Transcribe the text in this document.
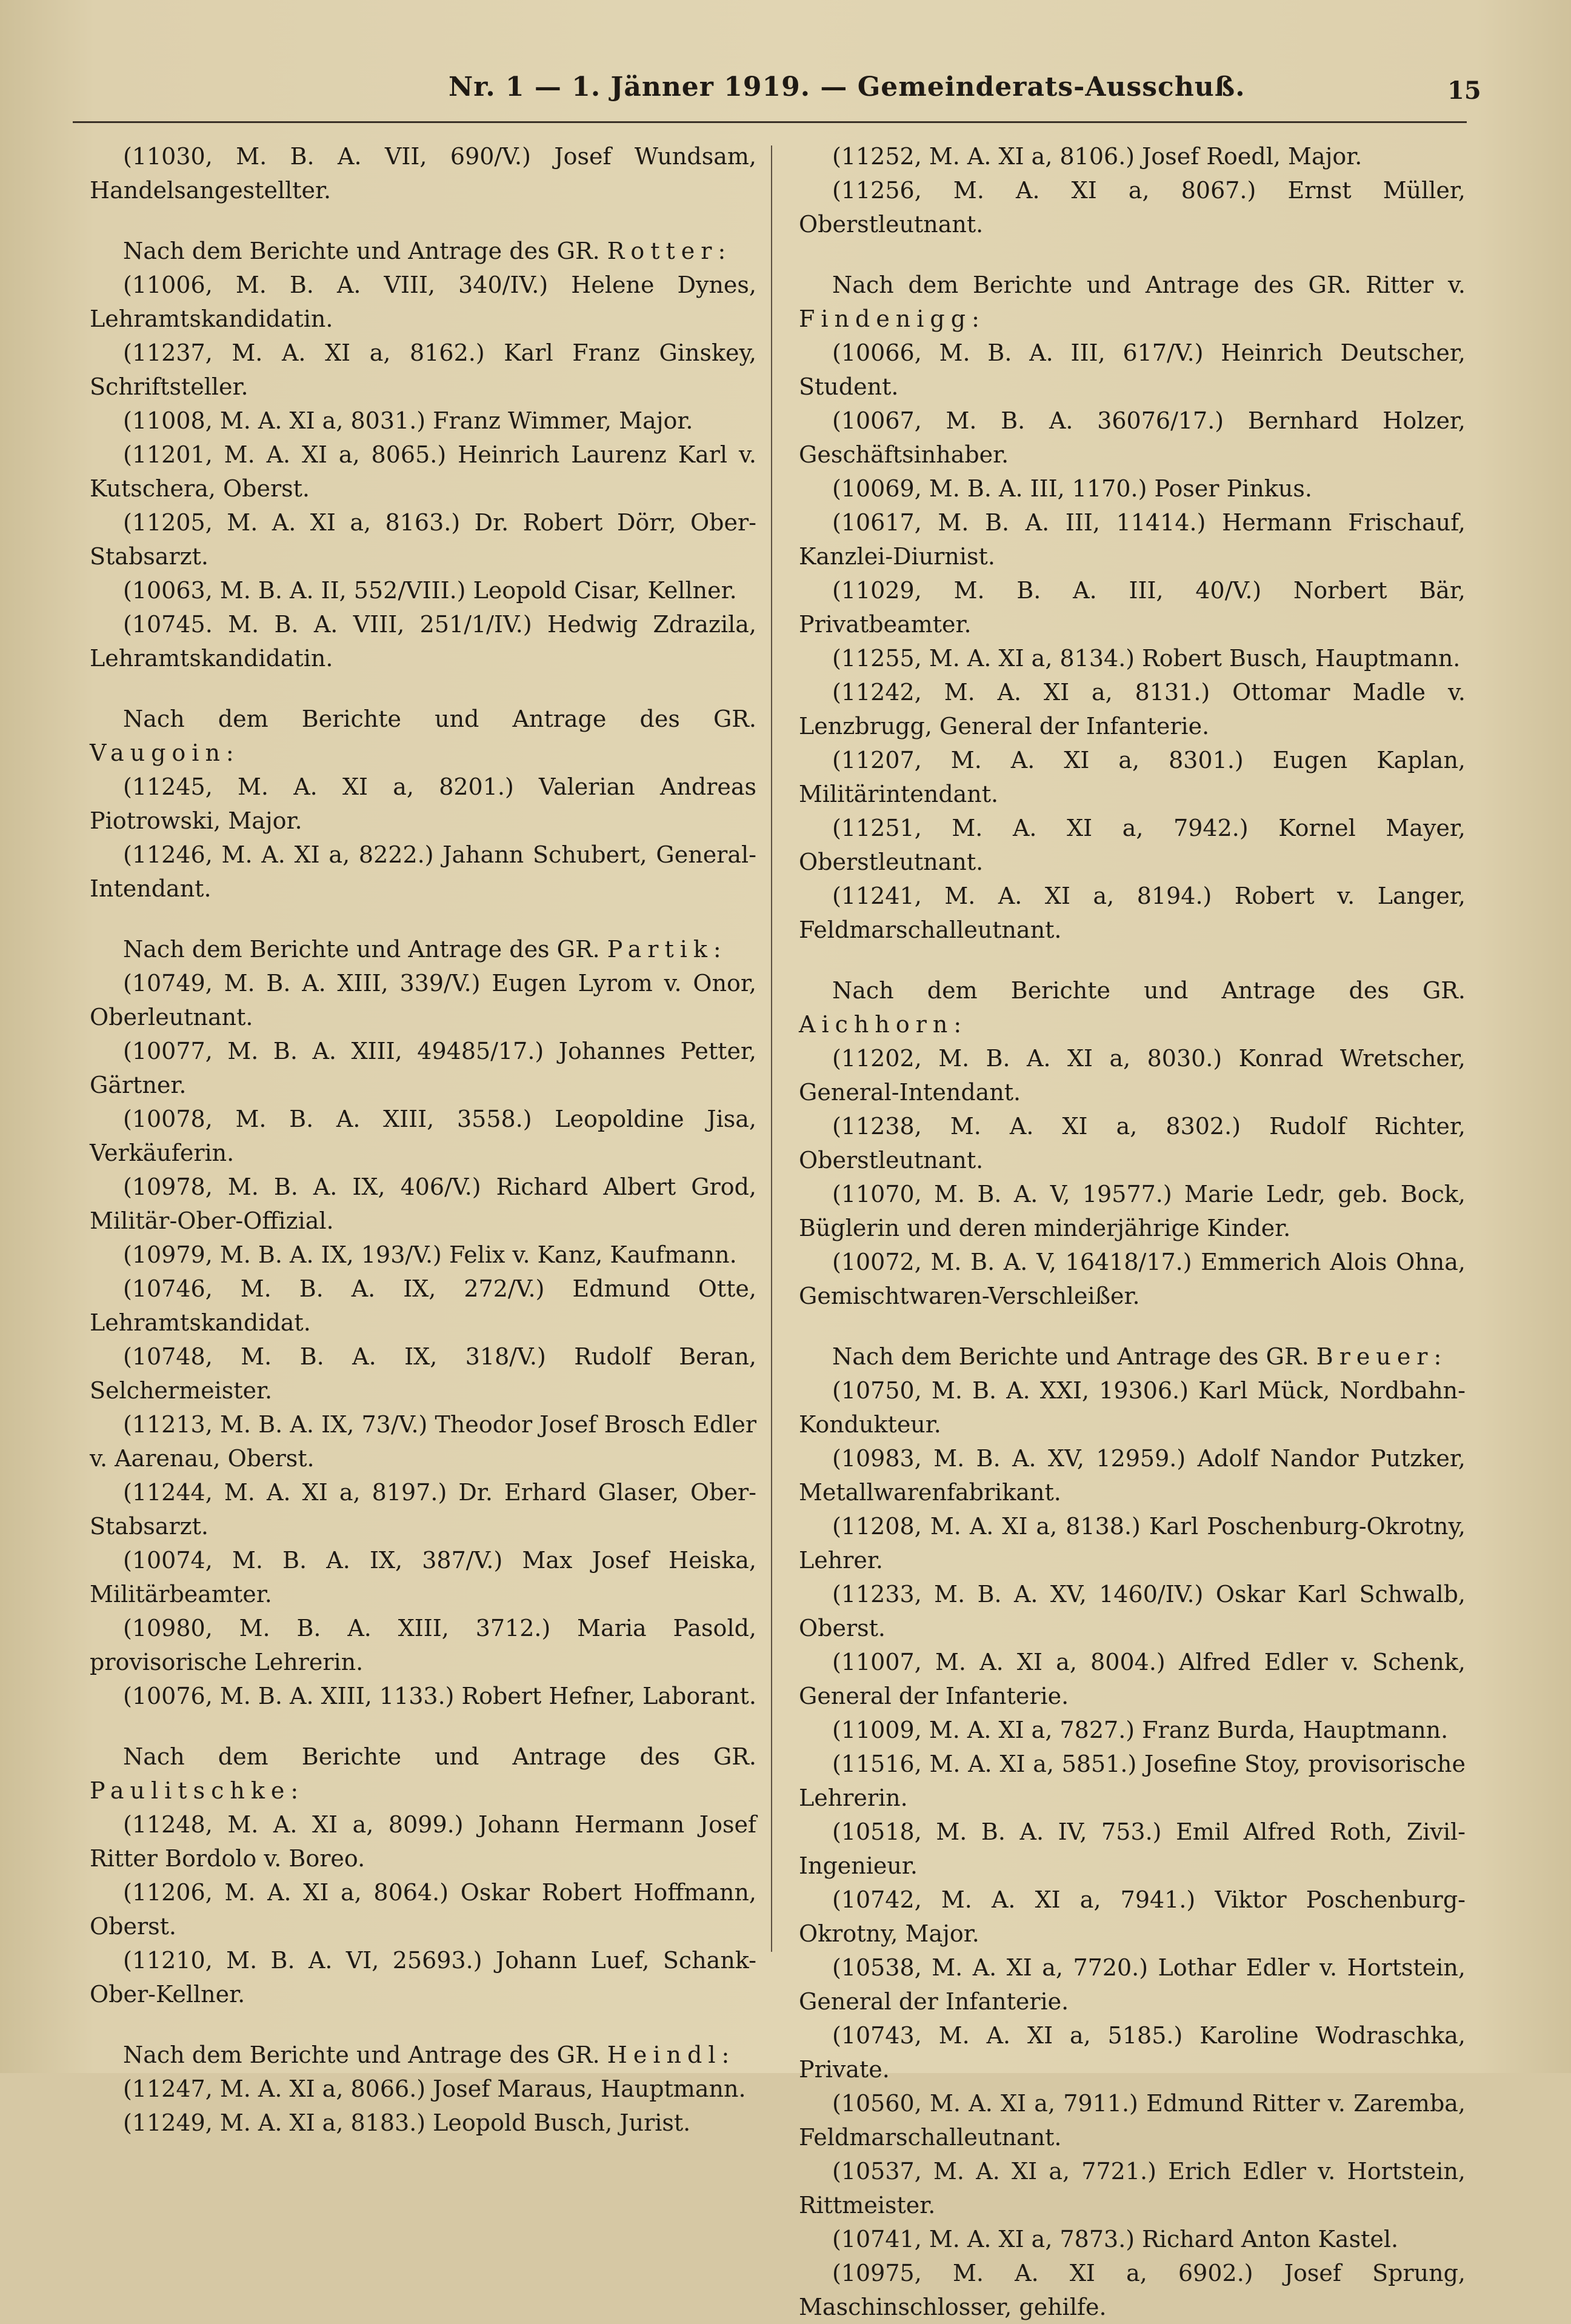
Nr. 1 — 1. Jänner 1919. — Gemeinderats-Ausschuß.	15

(11030, M. B. A. VII, 690/V.) Josef Wundsam, Handelsangestellter.

Nach dem Berichte und Antrage des GR. Rotter:

(11006, M. B. A. VIII, 340/IV.) Helene Dynes, Lehramtskandidatin.

(11237, M. A. XI a, 8162.) Karl Franz Ginskey, Schriftsteller.

(11008, M. A. XI a, 8031.) Franz Wimmer, Major.

(11201, M. A. XI a, 8065.) Heinrich Laurenz Karl v. Kutschera, Oberst.

(11205, M. A. XI a, 8163.) Dr. Robert Dörr, Ober-Stabsarzt.

(10063, M. B. A. II, 552/VIII.) Leopold Cisar, Kellner.

(10745. M. B. A. VIII, 251/1/IV.) Hedwig Zdrazila, Lehramtskandidatin.

Nach dem Berichte und Antrage des GR. Vaugoin:

(11245, M. A. XI a, 8201.) Valerian Andreas Piotrowski, Major.

(11246, M. A. XI a, 8222.) Jahann Schubert, General-Intendant.

Nach dem Berichte und Antrage des GR. Partik:

(10749, M. B. A. XIII, 339/V.) Eugen Lyrom v. Onor, Oberleutnant.

(10077, M. B. A. XIII, 49485/17.) Johannes Petter, Gärtner.

(10078, M. B. A. XIII, 3558.) Leopoldine Jisa, Verkäuferin.

(10978, M. B. A. IX, 406/V.) Richard Albert Grod, Militär-Ober-Offizial.

(10979, M. B. A. IX, 193/V.) Felix v. Kanz, Kaufmann.

(10746, M. B. A. IX, 272/V.) Edmund Otte, Lehramtskandidat.

(10748, M. B. A. IX, 318/V.) Rudolf Beran, Selchermeister.

(11213, M. B. A. IX, 73/V.) Theodor Josef Brosch Edler v. Aarenau, Oberst.

(11244, M. A. XI a, 8197.) Dr. Erhard Glaser, Ober-Stabsarzt.

(10074, M. B. A. IX, 387/V.) Max Josef Heiska, Militärbeamter.

(10980, M. B. A. XIII, 3712.) Maria Pasold, provisorische Lehrerin.

(10076, M. B. A. XIII, 1133.) Robert Hefner, Laborant.

Nach dem Berichte und Antrage des GR. Paulitschke:

(11248, M. A. XI a, 8099.) Johann Hermann Josef Ritter Bordolo v. Boreo.

(11206, M. A. XI a, 8064.) Oskar Robert Hoffmann, Oberst.

(11210, M. B. A. VI, 25693.) Johann Luef, Schank-Ober-Kellner.

Nach dem Berichte und Antrage des GR. Heindl:

(11247, M. A. XI a, 8066.) Josef Maraus, Hauptmann.

(11249, M. A. XI a, 8183.) Leopold Busch, Jurist.

(11252, M. A. XI a, 8106.) Josef Roedl, Major.

(11256, M. A. XI a, 8067.) Ernst Müller, Oberstleutnant.

Nach dem Berichte und Antrage des GR. Ritter v. Findenigg:

(10066, M. B. A. III, 617/V.) Heinrich Deutscher, Student.

(10067, M. B. A. 36076/17.) Bernhard Holzer, Geschäftsinhaber.

(10069, M. B. A. III, 1170.) Poser Pinkus.

(10617, M. B. A. III, 11414.) Hermann Frischauf, Kanzlei-Diurnist.

(11029, M. B. A. III, 40/V.) Norbert Bär, Privatbeamter.

(11255, M. A. XI a, 8134.) Robert Busch, Hauptmann.

(11242, M. A. XI a, 8131.) Ottomar Madle v. Lenzbrugg, General der Infanterie.

(11207, M. A. XI a, 8301.) Eugen Kaplan, Militärintendant.

(11251, M. A. XI a, 7942.) Kornel Mayer, Oberstleutnant.

(11241, M. A. XI a, 8194.) Robert v. Langer, Feldmarschalleutnant.

Nach dem Berichte und Antrage des GR. Aichhorn:

(11202, M. B. A. XI a, 8030.) Konrad Wretscher, General-Intendant.

(11238, M. A. XI a, 8302.) Rudolf Richter, Oberstleutnant.

(11070, M. B. A. V, 19577.) Marie Ledr, geb. Bock, Büglerin und deren minderjährige Kinder.

(10072, M. B. A. V, 16418/17.) Emmerich Alois Ohna, Gemischtwaren-Verschleißer.

Nach dem Berichte und Antrage des GR. Breuer:

(10750, M. B. A. XXI, 19306.) Karl Mück, Nordbahn-Kondukteur.

(10983, M. B. A. XV, 12959.) Adolf Nandor Putzker, Metallwarenfabrikant.

(11208, M. A. XI a, 8138.) Karl Poschenburg-Okrotny, Lehrer.

(11233, M. B. A. XV, 1460/IV.) Oskar Karl Schwalb, Oberst.

(11007, M. A. XI a, 8004.) Alfred Edler v. Schenk, General der Infanterie.

(11009, M. A. XI a, 7827.) Franz Burda, Hauptmann.

(11516, M. A. XI a, 5851.) Josefine Stoy, provisorische Lehrerin.

(10518, M. B. A. IV, 753.) Emil Alfred Roth, Zivil-Ingenieur.

(10742, M. A. XI a, 7941.) Viktor Poschenburg-Okrotny, Major.

(10538, M. A. XI a, 7720.) Lothar Edler v. Hortstein, General der Infanterie.

(10743, M. A. XI a, 5185.) Karoline Wodraschka, Private.

(10560, M. A. XI a, 7911.) Edmund Ritter v. Zaremba, Feldmarschalleutnant.

(10537, M. A. XI a, 7721.) Erich Edler v. Hortstein, Rittmeister.

(10741, M. A. XI a, 7873.) Richard Anton Kastel.

(10975, M. A. XI a, 6902.) Josef Sprung, Maschinschlosser, gehilfe.
